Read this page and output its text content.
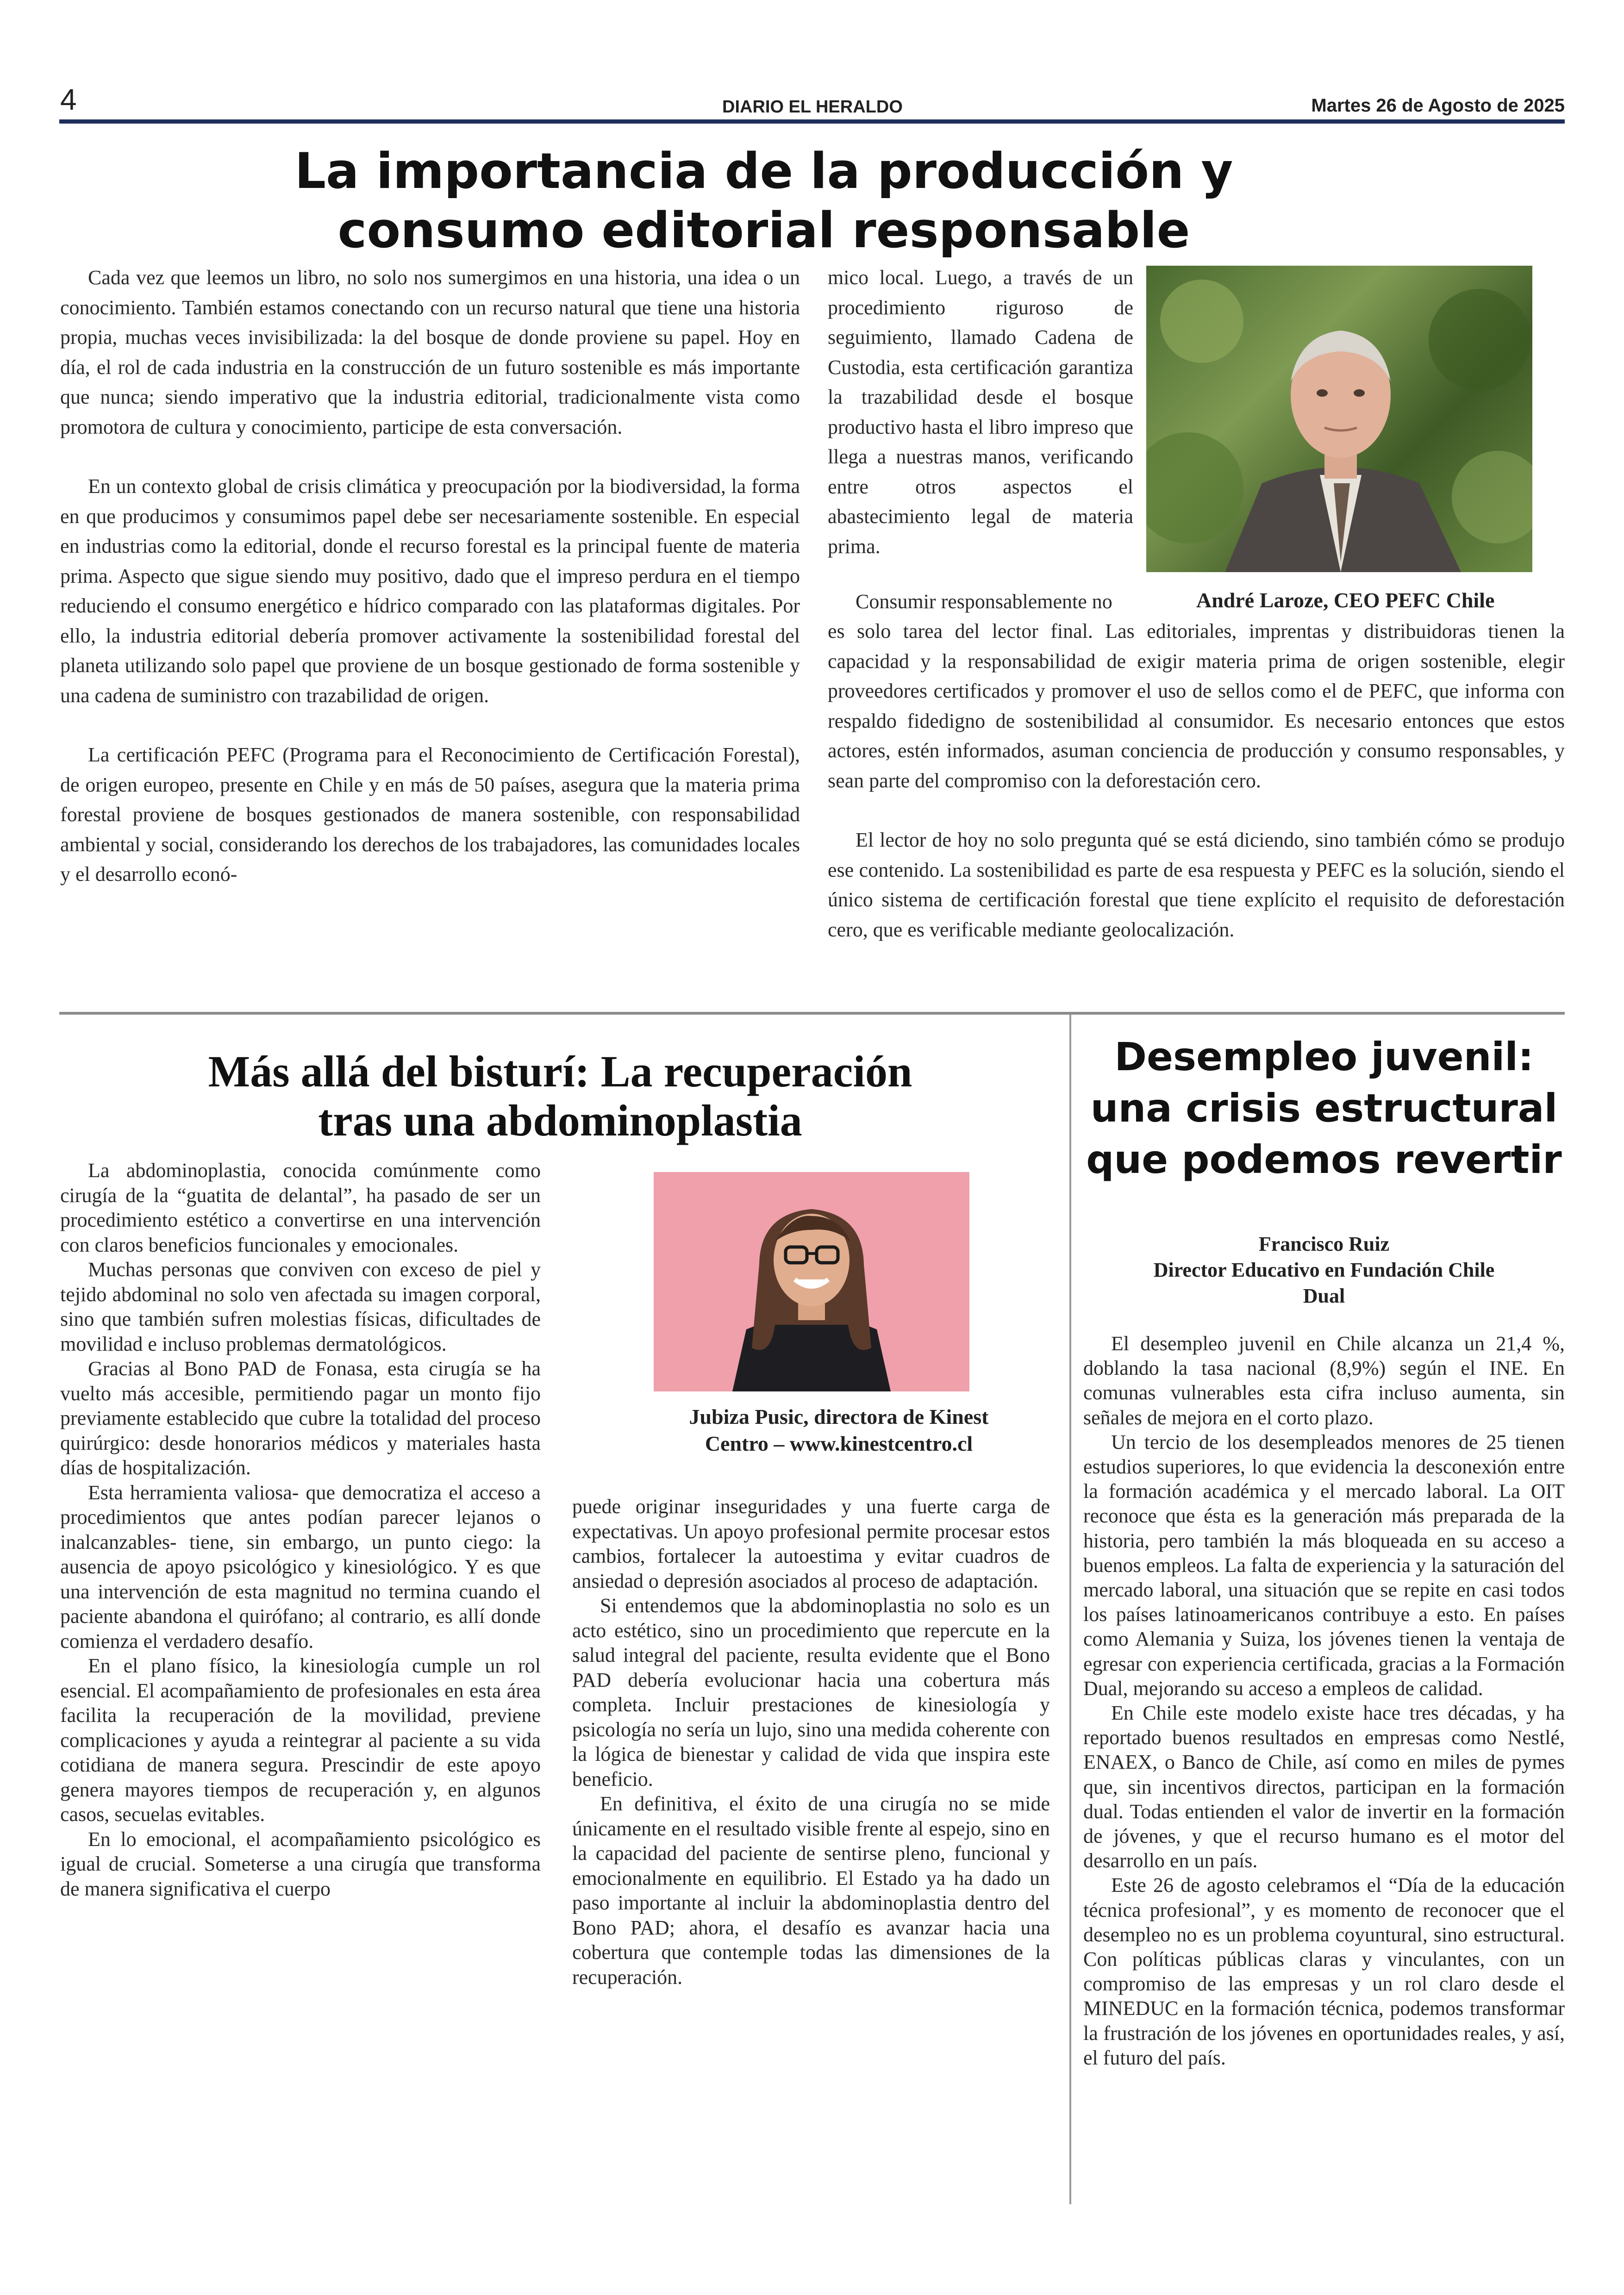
4	DIARIO EL HERALDO	Martes 26 de Agosto de 2025
La importancia de la producción y
consumo editorial responsable

Cada vez que leemos un libro, no solo nos sumergimos en una historia, una idea o un conocimiento. También estamos conectando con un recurso natural que tiene una historia propia, muchas veces invisibilizada: la del bosque de donde proviene su papel. Hoy en día, el rol de cada industria en la construcción de un futuro sostenible es más importante que nunca; siendo imperativo que la industria editorial, tradicionalmente vista como promotora de cultura y conocimiento, participe de esta conversación.

En un contexto global de crisis climática y preocupación por la biodiversidad, la forma en que producimos y consumimos papel debe ser necesariamente sostenible. En especial en industrias como la editorial, donde el recurso forestal es la principal fuente de materia prima. Aspecto que sigue siendo muy positivo, dado que el impreso perdura en el tiempo reduciendo el consumo energético e hídrico comparado con las plataformas digitales. Por ello, la industria editorial debería promover activamente la sostenibilidad forestal del planeta utilizando solo papel que proviene de un bosque gestionado de forma sostenible y una cadena de suministro con trazabilidad de origen.

La certificación PEFC (Programa para el Reconocimiento de Certificación Forestal), de origen europeo, presente en Chile y en más de 50 países, asegura que la materia prima forestal proviene de bosques gestionados de manera sostenible, con responsabilidad ambiental y social, considerando los derechos de los trabajadores, las comunidades locales y el desarrollo econó-

mico local. Luego, a través de un procedimiento riguroso de seguimiento, llamado Cadena de Custodia, esta certificación garantiza la trazabilidad desde el bosque productivo hasta el libro impreso que llega a nuestras manos, verificando entre otros aspectos el abastecimiento legal de materia prima.

André Laroze, CEO PEFC Chile

Consumir responsablemente no

es solo tarea del lector final. Las editoriales, imprentas y distribuidoras tienen la capacidad y la responsabilidad de exigir materia prima de origen sostenible, elegir proveedores certificados y promover el uso de sellos como el de PEFC, que informa con respaldo fidedigno de sostenibilidad al consumidor. Es necesario entonces que estos actores, estén informados, asuman conciencia de producción y consumo responsables, y sean parte del compromiso con la deforestación cero.

El lector de hoy no solo pregunta qué se está diciendo, sino también cómo se produjo ese contenido. La sostenibilidad es parte de esa respuesta y PEFC es la solución, siendo el único sistema de certificación forestal que tiene explícito el requisito de deforestación cero, que es verificable mediante geolocalización.

Más allá del bisturí: La recuperación
tras una abdominoplastia

La abdominoplastia, conocida comúnmente como cirugía de la “guatita de delantal”, ha pasado de ser un procedimiento estético a convertirse en una intervención con claros beneficios funcionales y emocionales.

Muchas personas que conviven con exceso de piel y tejido abdominal no solo ven afectada su imagen corporal, sino que también sufren molestias físicas, dificultades de movilidad e incluso problemas dermatológicos.

Gracias al Bono PAD de Fonasa, esta cirugía se ha vuelto más accesible, permitiendo pagar un monto fijo previamente establecido que cubre la totalidad del proceso quirúrgico: desde honorarios médicos y materiales hasta días de hospitalización.

Esta herramienta valiosa- que democratiza el acceso a procedimientos que antes podían parecer lejanos o inalcanzables- tiene, sin embargo, un punto ciego: la ausencia de apoyo psicológico y kinesiológico. Y es que una intervención de esta magnitud no termina cuando el paciente abandona el quirófano; al contrario, es allí donde comienza el verdadero desafío.

En el plano físico, la kinesiología cumple un rol esencial. El acompañamiento de profesionales en esta área facilita la recuperación de la movilidad, previene complicaciones y ayuda a reintegrar al paciente a su vida cotidiana de manera segura. Prescindir de este apoyo genera mayores tiempos de recuperación y, en algunos casos, secuelas evitables.

En lo emocional, el acompañamiento psicológico es igual de crucial. Someterse a una cirugía que transforma de manera significativa el cuerpo

Jubiza Pusic, directora de Kinest
Centro – www.kinestcentro.cl

puede originar inseguridades y una fuerte carga de expectativas. Un apoyo profesional permite procesar estos cambios, fortalecer la autoestima y evitar cuadros de ansiedad o depresión asociados al proceso de adaptación.

Si entendemos que la abdominoplastia no solo es un acto estético, sino un procedimiento que repercute en la salud integral del paciente, resulta evidente que el Bono PAD debería evolucionar hacia una cobertura más completa. Incluir prestaciones de kinesiología y psicología no sería un lujo, sino una medida coherente con la lógica de bienestar y calidad de vida que inspira este beneficio.

En definitiva, el éxito de una cirugía no se mide únicamente en el resultado visible frente al espejo, sino en la capacidad del paciente de sentirse pleno, funcional y emocionalmente en equilibrio. El Estado ya ha dado un paso importante al incluir la abdominoplastia dentro del Bono PAD; ahora, el desafío es avanzar hacia una cobertura que contemple todas las dimensiones de la recuperación.

Desempleo juvenil:
una crisis estructural
que podemos revertir
Francisco Ruiz
Director Educativo en Fundación Chile
Dual

El desempleo juvenil en Chile alcanza un 21,4 %, doblando la tasa nacional (8,9%) según el INE. En comunas vulnerables esta cifra incluso aumenta, sin señales de mejora en el corto plazo.

Un tercio de los desempleados menores de 25 tienen estudios superiores, lo que evidencia la desconexión entre la formación académica y el mercado laboral. La OIT reconoce que ésta es la generación más preparada de la historia, pero también la más bloqueada en su acceso a buenos empleos. La falta de experiencia y la saturación del mercado laboral, una situación que se repite en casi todos los países latinoamericanos contribuye a esto. En países como Alemania y Suiza, los jóvenes tienen la ventaja de egresar con experiencia certificada, gracias a la Formación Dual, mejorando su acceso a empleos de calidad.

En Chile este modelo existe hace tres décadas, y ha reportado buenos resultados en empresas como Nestlé, ENAEX, o Banco de Chile, así como en miles de pymes que, sin incentivos directos, participan en la formación dual. Todas entienden el valor de invertir en la formación de jóvenes, y que el recurso humano es el motor del desarrollo en un país.

Este 26 de agosto celebramos el “Día de la educación técnica profesional”, y es momento de reconocer que el desempleo no es un problema coyuntural, sino estructural. Con políticas públicas claras y vinculantes, con un compromiso de las empresas y un rol claro desde el MINEDUC en la formación técnica, podemos transformar la frustración de los jóvenes en oportunidades reales, y así, el futuro del país.
